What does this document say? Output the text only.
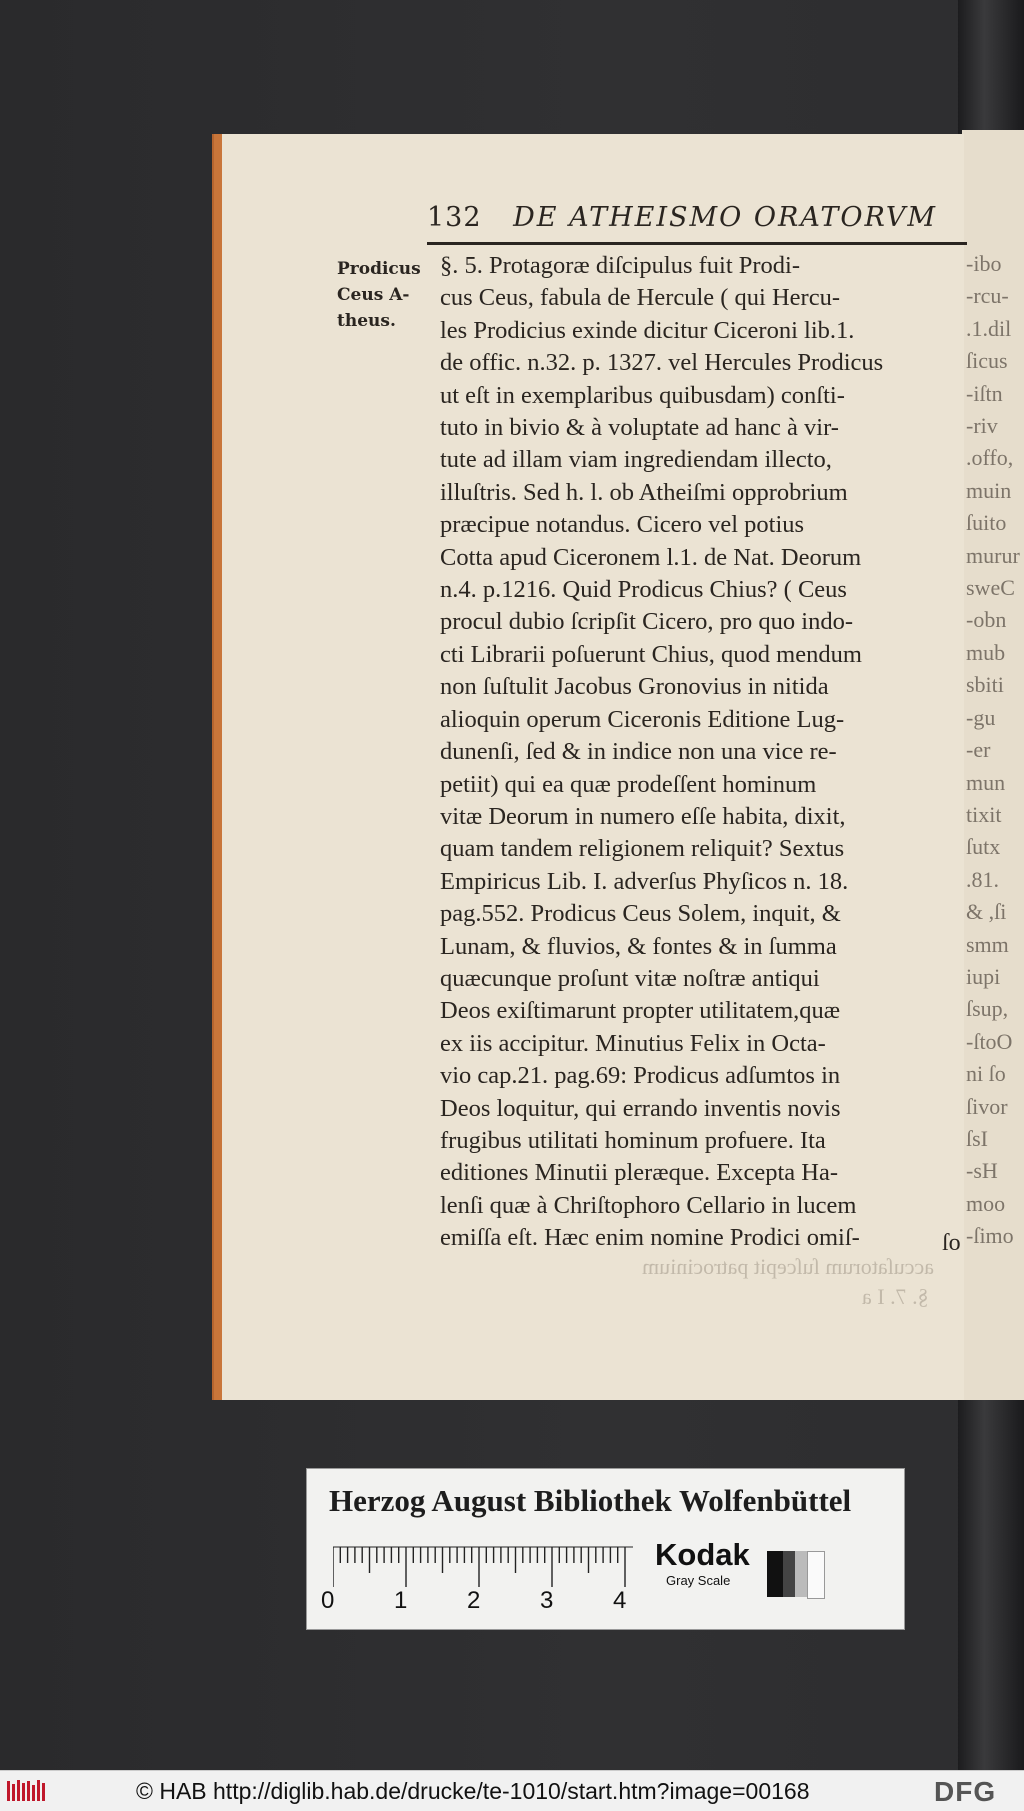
-ibo
-rcu-
.1.dil
ſicus
-iſtn
-riv
.offo,
muin
ſuito
murur
sweC
-obn
mub
sbiti
-gu
-er
mun
tixit
ſutx
.81.
& ,ſi
smm
iupi
ſsup,
-ſtoO
ni ſo
ſivor
ſsI
-sH
moo
-ſimo
132 DE ATHEISMO ORATORVM
Prodicus
Ceus A-
theus.
§. 5. Protagoræ diſcipulus fuit Prodi-
cus Ceus, fabula de Hercule ( qui Hercu-
les Prodicius exinde dicitur Ciceroni lib.1.
de offic. n.32. p. 1327. vel Hercules Prodicus
ut eſt in exemplaribus quibusdam) conſti-
tuto in bivio & à voluptate ad hanc à vir-
tute ad illam viam ingrediendam illecto,
illuſtris. Sed h. l. ob Atheiſmi opprobrium
præcipue notandus. Cicero vel potius
Cotta apud Ciceronem l.1. de Nat. Deorum
n.4. p.1216. Quid Prodicus Chius? ( Ceus
procul dubio ſcripſit Cicero, pro quo indo-
cti Librarii poſuerunt Chius, quod mendum
non ſuſtulit Jacobus Gronovius in nitida
alioquin operum Ciceronis Editione Lug-
dunenſi, ſed & in indice non una vice re-
petiit) qui ea quæ prodeſſent hominum
vitæ Deorum in numero eſſe habita, dixit,
quam tandem religionem reliquit? Sextus
Empiricus Lib. I. adverſus Phyſicos n. 18.
pag.552. Prodicus Ceus Solem, inquit, &
Lunam, & fluvios, & fontes & in ſumma
quæcunque proſunt vitæ noſtræ antiqui
Deos exiſtimarunt propter utilitatem,quæ
ex iis accipitur. Minutius Felix in Octa-
vio cap.21. pag.69: Prodicus adſumtos in
Deos loquitur, qui errando inventis novis
frugibus utilitati hominum profuere. Ita
editiones Minutii pleræque. Excepta Ha-
lenſi quæ à Chriſtophoro Cellario in lucem
emiſſa eſt. Hæc enim nomine Prodici omiſ-	ſo
accuſatorum ſuſcepit patrocinium
§. 7. I a
Herzog August Bibliothek Wolfenbüttel
0 1 2 3 4
Kodak
Gray Scale
© HAB http://diglib.hab.de/drucke/te-1010/start.htm?image=00168	DFG
